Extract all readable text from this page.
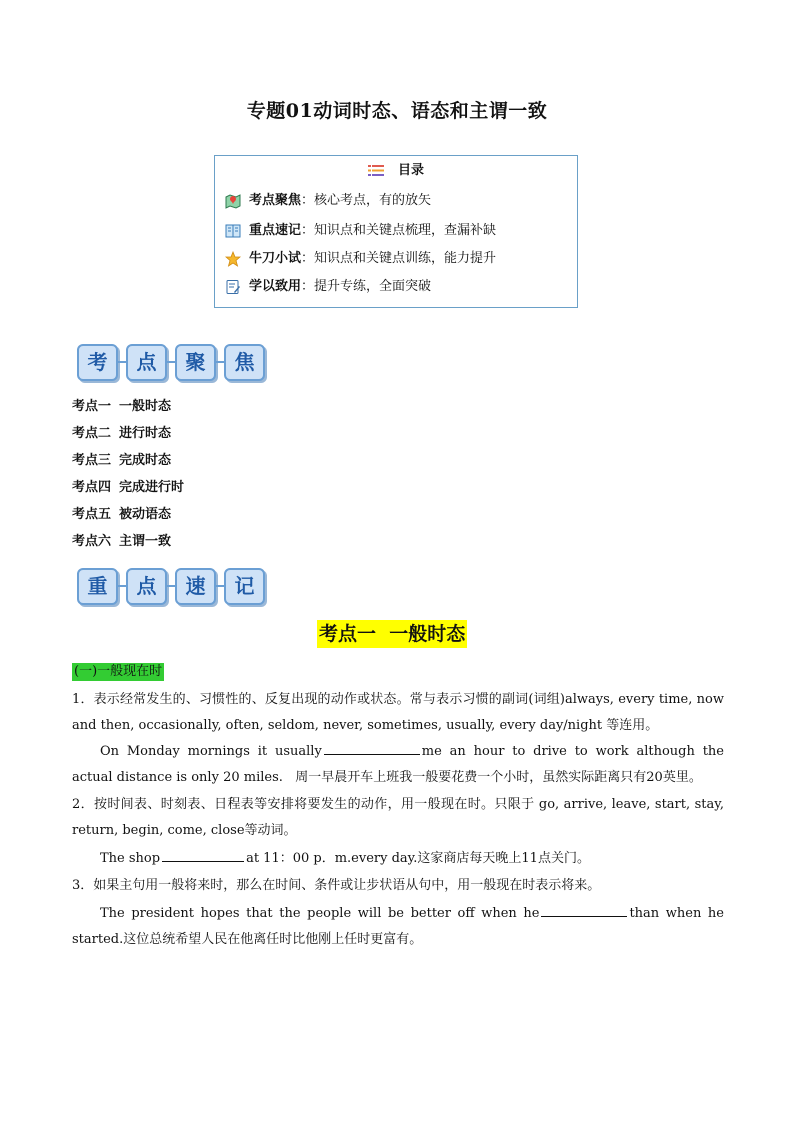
专题01动词时态、语态和主谓一致
目录
考点聚焦：核心考点，有的放矢
重点速记：知识点和关键点梳理，查漏补缺
牛刀小试：知识点和关键点训练，能力提升
学以致用：提升专练，全面突破
考	点	聚	焦
考点一 一般时态
考点二 进行时态
考点三 完成时态
考点四 完成进行时
考点五 被动语态
考点六 主谓一致
重	点	速	记
考点一  一般时态
(一)一般现在时
1．表示经常发生的、习惯性的、反复出现的动作或状态。常与表示习惯的副词(词组)always, every time, now and then, occasionally, often, seldom, never, sometimes, usually, every day/night 等连用。
On Monday mornings it usually	me an hour to drive to work although the actual distance is only 20 miles.   周一早晨开车上班我一般要花费一个小时，虽然实际距离只有20英里。
2．按时间表、时刻表、日程表等安排将要发生的动作，用一般现在时。只限于 go, arrive, leave, start, stay, return, begin, come, close等动词。
The shop	at 11：00 p．m.every day.这家商店每天晚上11点关门。
3．如果主句用一般将来时，那么在时间、条件或让步状语从句中，用一般现在时表示将来。
The president hopes that the people will be better off when he	than when he started.这位总统希望人民在他离任时比他刚上任时更富有。
